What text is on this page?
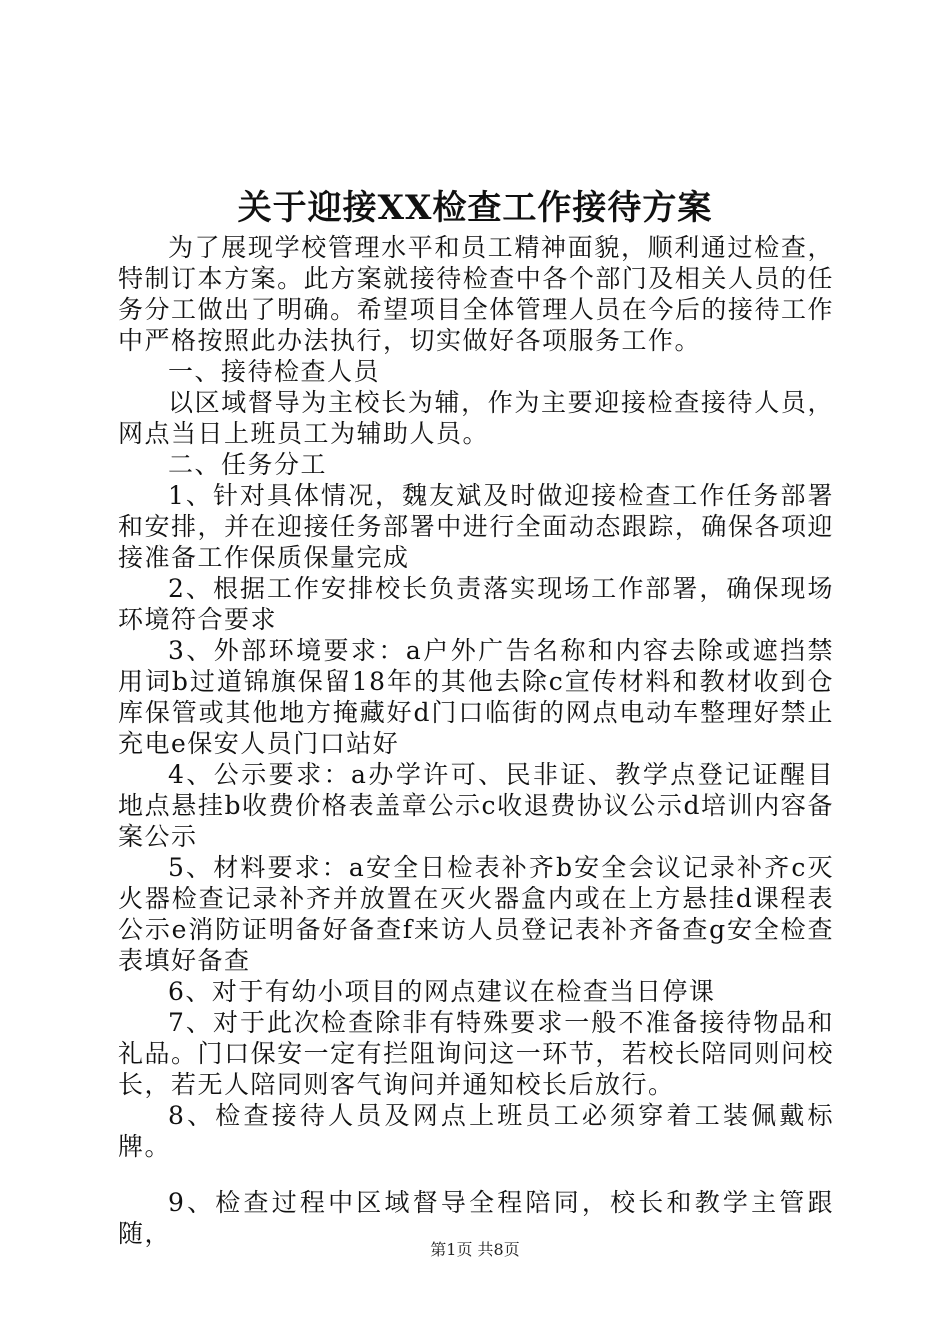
关于迎接XX检查工作接待方案

为了展现学校管理水平和员工精神面貌，顺利通过检查，特制订本方案。此方案就接待检查中各个部门及相关人员的任务分工做出了明确。希望项目全体管理人员在今后的接待工作中严格按照此办法执行，切实做好各项服务工作。

一、接待检查人员

以区域督导为主校长为辅，作为主要迎接检查接待人员，网点当日上班员工为辅助人员。

二、任务分工

1、针对具体情况，魏友斌及时做迎接检查工作任务部署和安排，并在迎接任务部署中进行全面动态跟踪，确保各项迎接准备工作保质保量完成

2、根据工作安排校长负责落实现场工作部署，确保现场环境符合要求

3、外部环境要求：a户外广告名称和内容去除或遮挡禁用词b过道锦旗保留18年的其他去除c宣传材料和教材收到仓库保管或其他地方掩藏好d门口临街的网点电动车整理好禁止充电e保安人员门口站好

4、公示要求：a办学许可、民非证、教学点登记证醒目地点悬挂b收费价格表盖章公示c收退费协议公示d培训内容备案公示

5、材料要求：a安全日检表补齐b安全会议记录补齐c灭火器检查记录补齐并放置在灭火器盒内或在上方悬挂d课程表公示e消防证明备好备查f来访人员登记表补齐备查g安全检查表填好备查

6、对于有幼小项目的网点建议在检查当日停课

7、对于此次检查除非有特殊要求一般不准备接待物品和礼品。门口保安一定有拦阻询问这一环节，若校长陪同则问校长，若无人陪同则客气询问并通知校长后放行。

8、检查接待人员及网点上班员工必须穿着工装佩戴标牌。

9、检查过程中区域督导全程陪同，校长和教学主管跟随，

第1页 共8页
